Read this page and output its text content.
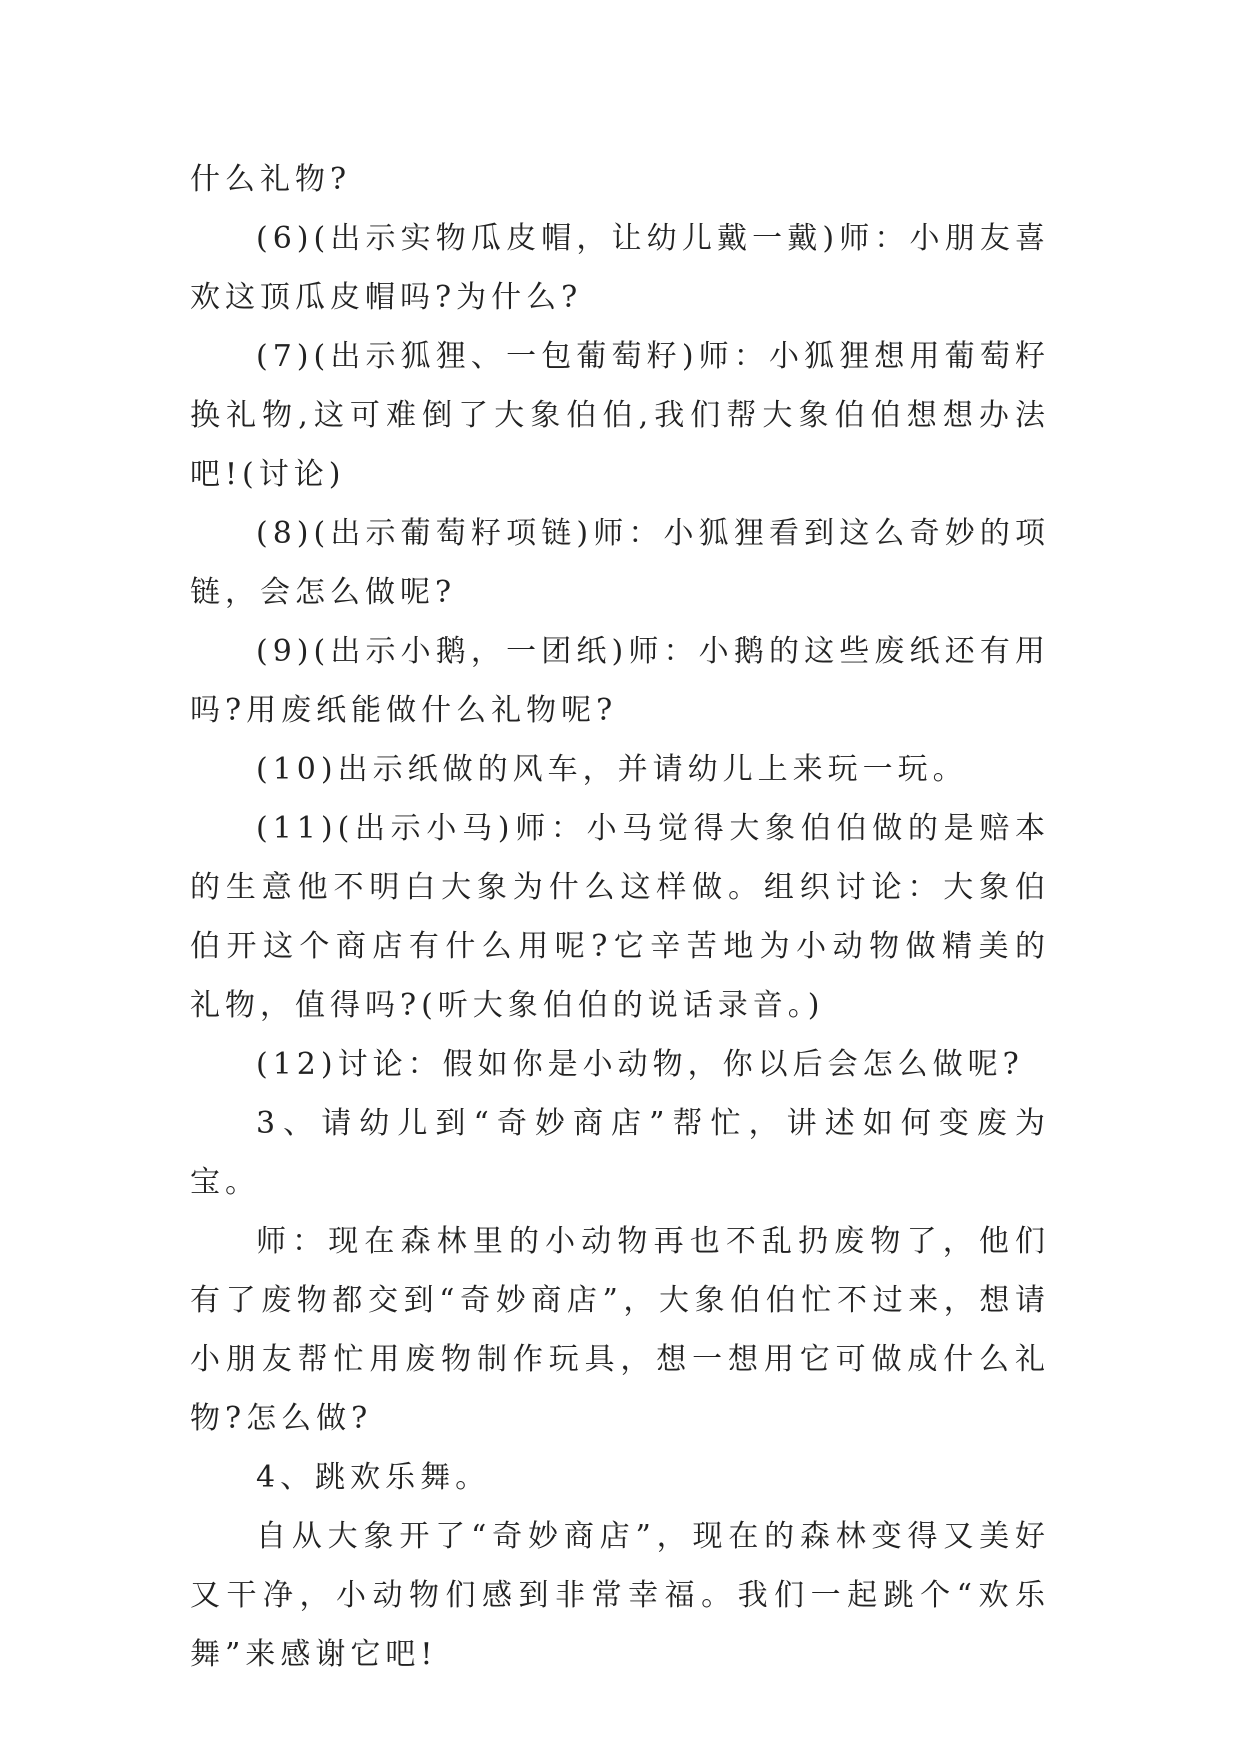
什么礼物?

(6)(出示实物瓜皮帽，让幼儿戴一戴)师：小朋友喜欢这顶瓜皮帽吗?为什么?

(7)(出示狐狸、一包葡萄籽)师：小狐狸想用葡萄籽换礼物,这可难倒了大象伯伯,我们帮大象伯伯想想办法吧!(讨论)

(8)(出示葡萄籽项链)师：小狐狸看到这么奇妙的项链，会怎么做呢?

(9)(出示小鹅，一团纸)师：小鹅的这些废纸还有用吗?用废纸能做什么礼物呢?

(10)出示纸做的风车，并请幼儿上来玩一玩。

(11)(出示小马)师：小马觉得大象伯伯做的是赔本的生意他不明白大象为什么这样做。组织讨论：大象伯伯开这个商店有什么用呢?它辛苦地为小动物做精美的礼物，值得吗?(听大象伯伯的说话录音。)

(12)讨论：假如你是小动物，你以后会怎么做呢?

3、请幼儿到“奇妙商店”帮忙，讲述如何变废为宝。

师：现在森林里的小动物再也不乱扔废物了，他们有了废物都交到“奇妙商店”，大象伯伯忙不过来，想请小朋友帮忙用废物制作玩具，想一想用它可做成什么礼物?怎么做?

4、跳欢乐舞。

自从大象开了“奇妙商店”，现在的森林变得又美好又干净，小动物们感到非常幸福。我们一起跳个“欢乐舞”来感谢它吧!
